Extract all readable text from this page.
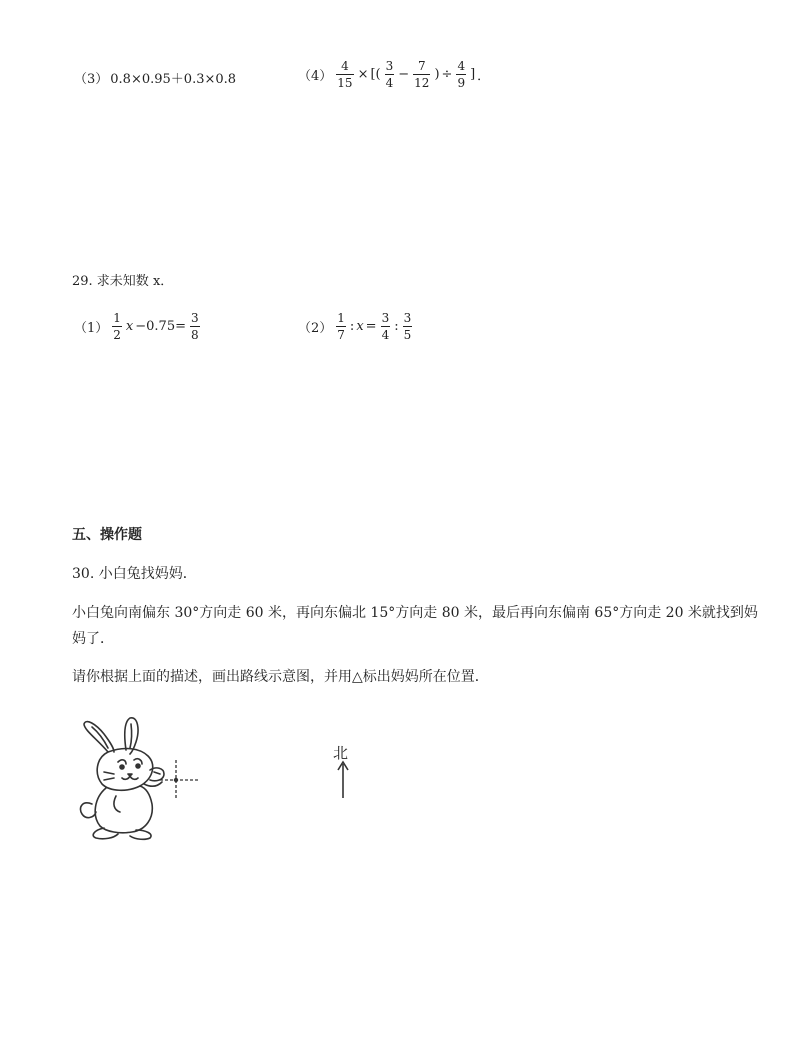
（3） 0.8×0.95＋0.3×0.8	$(4) \frac{4}{15}$ × [( $\frac{3}{4} - \frac{7}{12}$ ) ÷ $\frac{4}{9}$ ] ．
29. 求未知数 x．
$(1) \frac{1}{2}$ $x -0.75= \frac{3}{8}$	$(2) \frac{1}{7}$ : $x = \frac{3}{4}$ : $\frac{3}{5}$
五、操作题
30. 小白兔找妈妈．
小白兔向南偏东 30°方向走 60 米，再向东偏北 15°方向走 80 米，最后再向东偏南 65°方向走 20 米就找到妈
妈了．
请你根据上面的描述，画出路线示意图，并用△标出妈妈所在位置．
北
